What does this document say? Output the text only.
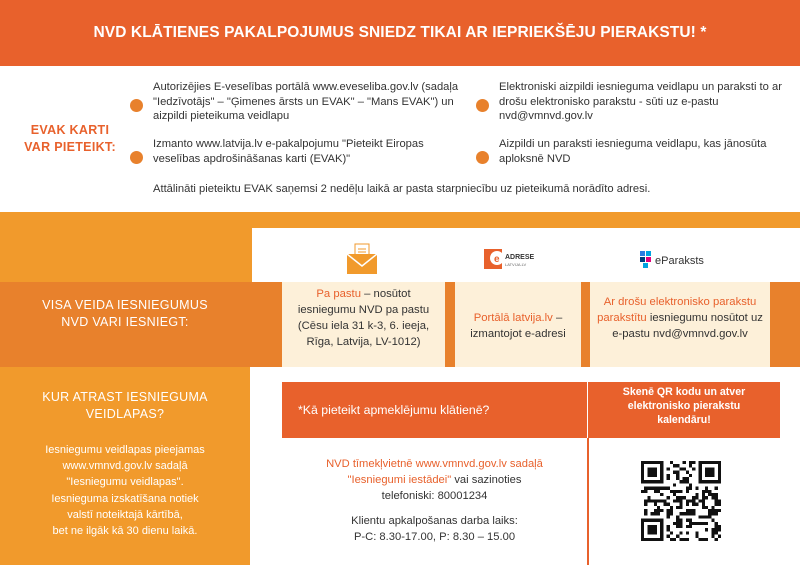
NVD KLĀTIENES PAKALPOJUMUS SNIEDZ TIKAI AR IEPRIEKŠĒJU PIERAKSTU! *
EVAK KARTI
VAR PIETEIKT:
Autorizējies E-veselības portālā www.eveseliba.gov.lv (sadaļa "Iedzīvotājs" – "Ģimenes ārsts un EVAK" – "Mans EVAK") un aizpildi pieteikuma veidlapu
Izmanto www.latvija.lv e-pakalpojumu "Pieteikt Eiropas veselības apdrošināšanas karti (EVAK)"
Elektroniski aizpildi iesnieguma veidlapu un paraksti to ar drošu elektronisko parakstu - sūti uz e-pastu nvd@vmnvd.gov.lv
Aizpildi un paraksti iesnieguma veidlapu, kas jānosūta aploksnē NVD
Attālināti pieteiktu EVAK saņemsi 2 nedēļu laikā ar pasta starpniecību uz pieteikumā norādīto adresi.
e ADRESE
LATVIJA.LV	eParaksts
VISA VEIDA IESNIEGUMUS
NVD VARI IESNIEGT:
Pa pastu – nosūtot iesniegumu NVD pa pastu (Cēsu iela 31 k-3, 6. ieeja, Rīga, Latvija, LV-1012)
Portālā latvija.lv – izmantojot e-adresi
Ar drošu elektronisko parakstu parakstītu iesniegumu nosūtot uz e-pastu nvd@vmnvd.gov.lv
KUR ATRAST IESNIEGUMA
VEIDLAPAS?
Iesniegumu veidlapas pieejamas
www.vmnvd.gov.lv sadaļā
"Iesniegumu veidlapas".
Iesnieguma izskatīšana notiek
valstī noteiktajā kārtībā,
bet ne ilgāk kā 30 dienu laikā.
*Kā pieteikt apmeklējumu klātienē?
Skenē QR kodu un atver
elektronisko pierakstu
kalendāru!
NVD tīmekļvietnē www.vmnvd.gov.lv sadaļā
"Iesniegumi iestādei" vai sazinoties
telefoniski: 80001234
Klientu apkalpošanas darba laiks:
P-C: 8.30-17.00, P: 8.30 – 15.00
